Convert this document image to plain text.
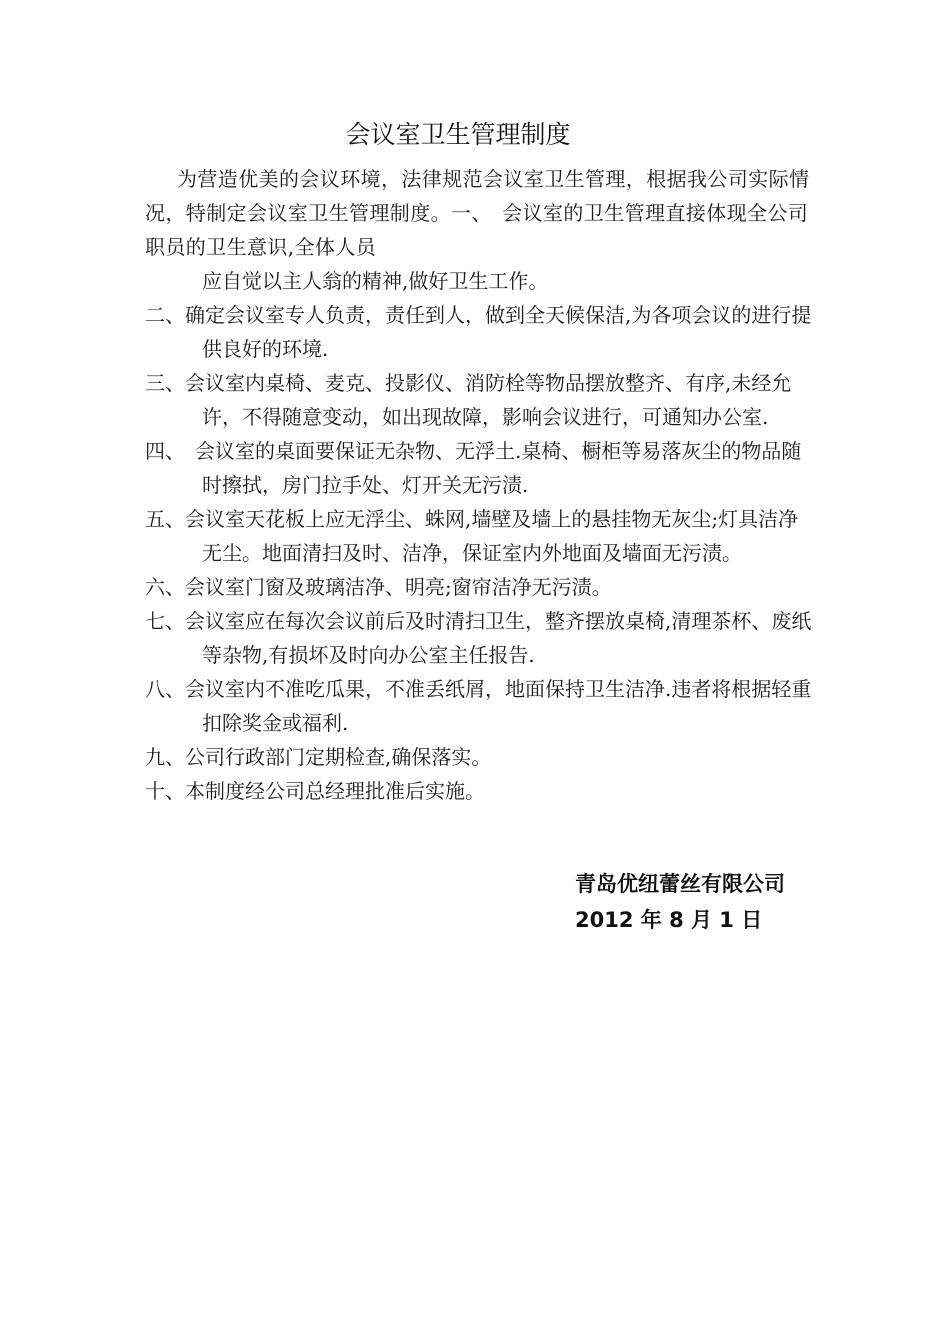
会议室卫生管理制度

为营造优美的会议环境，法律规范会议室卫生管理，根据我公司实际情况，特制定会议室卫生管理制度。一、　会议室的卫生管理直接体现全公司职员的卫生意识,全体人员

应自觉以主人翁的精神,做好卫生工作。

二、确定会议室专人负责，责任到人，做到全天候保洁,为各项会议的进行提供良好的环境.

三、会议室内桌椅、麦克、投影仪、消防栓等物品摆放整齐、有序,未经允许，不得随意变动，如出现故障，影响会议进行，可通知办公室.

四、　会议室的桌面要保证无杂物、无浮土.桌椅、橱柜等易落灰尘的物品随时擦拭，房门拉手处、灯开关无污渍.

五、会议室天花板上应无浮尘、蛛网,墙壁及墙上的悬挂物无灰尘;灯具洁净无尘。地面清扫及时、洁净，保证室内外地面及墙面无污渍。

六、会议室门窗及玻璃洁净、明亮;窗帘洁净无污渍。

七、会议室应在每次会议前后及时清扫卫生，整齐摆放桌椅,清理茶杯、废纸等杂物,有损坏及时向办公室主任报告.

八、会议室内不准吃瓜果，不准丢纸屑，地面保持卫生洁净.违者将根据轻重扣除奖金或福利.

九、公司行政部门定期检查,确保落实。

十、本制度经公司总经理批准后实施。

青岛优纽蕾丝有限公司
2012 年 8 月 1 日
